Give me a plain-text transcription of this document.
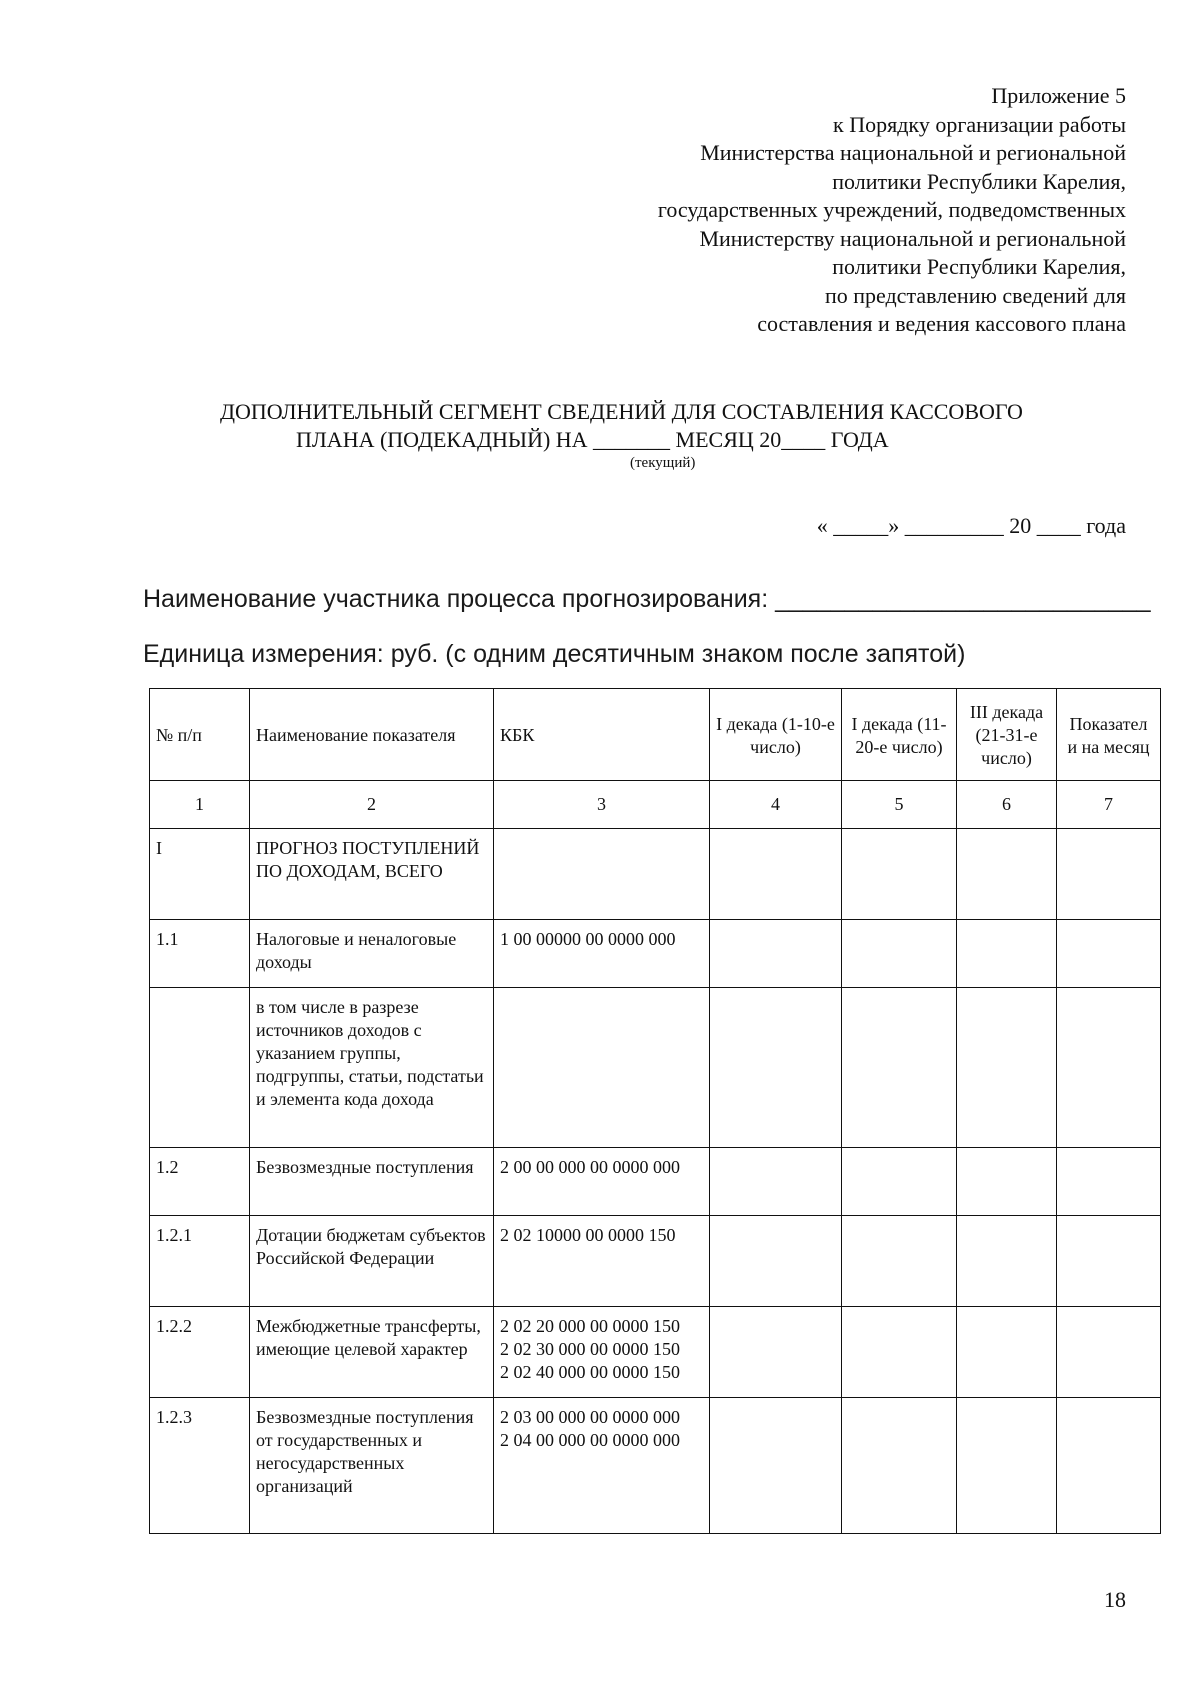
Приложение 5
к Порядку организации работы
Министерства национальной и региональной
политики Республики Карелия,
государственных учреждений, подведомственных
Министерству национальной и региональной
политики Республики Карелия,
по представлению сведений для
составления и ведения кассового плана
ДОПОЛНИТЕЛЬНЫЙ СЕГМЕНТ СВЕДЕНИЙ ДЛЯ СОСТАВЛЕНИЯ КАССОВОГО
ПЛАНА (ПОДЕКАДНЫЙ) НА _______ МЕСЯЦ 20____ ГОДА
(текущий)
« _____» _________ 20 ____ года
Наименование участника процесса прогнозирования: ___________________________
Единица измерения: руб. (с одним десятичным знаком после запятой)
№ п/п	Наименование показателя	КБК	I декада (1-10-е число)	I декада (11-20-е число)	III декада (21-31-е число)	Показател и на месяц
1	2	3	4	5	6	7
I	ПРОГНОЗ ПОСТУПЛЕНИЙ ПО ДОХОДАМ, ВСЕГО					
1.1	Налоговые и неналоговые доходы	1 00 00000 00 0000 000				
	в том числе в разрезе источников доходов с указанием группы, подгруппы, статьи, подстатьи и элемента кода дохода					
1.2	Безвозмездные поступления	2 00 00 000 00 0000 000				
1.2.1	Дотации бюджетам субъектов Российской Федерации	2 02 10000 00 0000 150				
1.2.2	Межбюджетные трансферты, имеющие целевой характер	2 02 20 000 00 0000 150
2 02 30 000 00 0000 150
2 02 40 000 00 0000 150				
1.2.3	Безвозмездные поступления от государственных и негосударственных организаций	2 03 00 000 00 0000 000
2 04 00 000 00 0000 000				
18
